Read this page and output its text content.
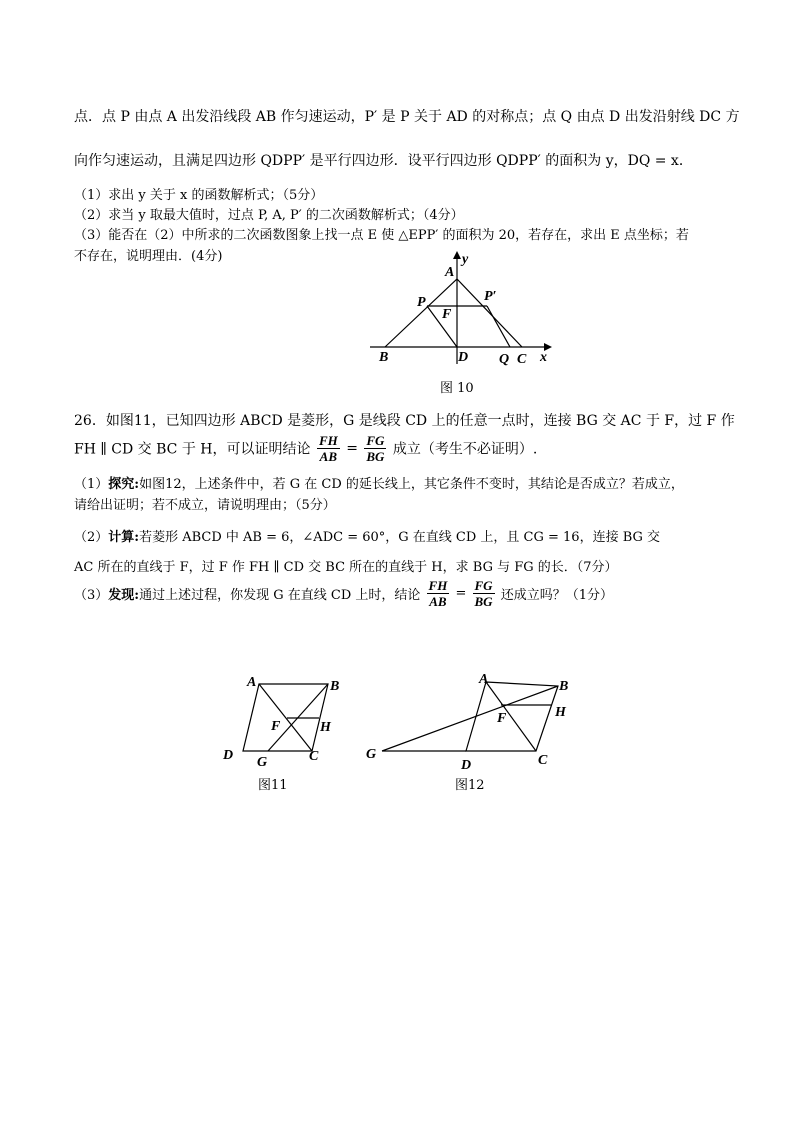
点．点 P 由点 A 出发沿线段 AB 作匀速运动，P′ 是 P 关于 AD 的对称点；点 Q 由点 D 出发沿射线 DC 方
向作匀速运动，且满足四边形 QDPP′ 是平行四边形．设平行四边形 QDPP′ 的面积为 y，DQ = x．
（1）求出 y 关于 x 的函数解析式；（5分）
（2）求当 y 取最大值时，过点 P, A, P′ 的二次函数解析式；（4分）
（3）能否在（2）中所求的二次函数图象上找一点 E 使 △EPP′ 的面积为 20，若存在，求出 E 点坐标；若
不存在，说明理由．(4分)
A
y
P	P′
F
B	D Q C x
图 10
26．如图11，已知四边形 ABCD 是菱形，G 是线段 CD 上的任意一点时，连接 BG 交 AC 于 F，过 F 作
FH ∥ CD 交 BC 于 H，可以证明结论 $\frac{FH}{AB} = \frac{FG}{BG}$ 成立（考生不必证明）.
（1）探究:如图12，上述条件中，若 G 在 CD 的延长线上，其它条件不变时，其结论是否成立？若成立，
请给出证明；若不成立，请说明理由；（5分）
（2）计算:若菱形 ABCD 中 AB = 6，∠ADC = 60°，G 在直线 CD 上，且 CG = 16，连接 BG 交
AC 所在的直线于 F，过 F 作 FH ∥ CD 交 BC 所在的直线于 H，求 BG 与 FG 的长．（7分）
（3）发现:通过上述过程，你发现 G 在直线 CD 上时，结论 $\frac{FH}{AB} = \frac{FG}{BG}$ 还成立吗？（1分）
A	B
F	H
D G	C
图11
A	B
F	H
G
D	C
图12
